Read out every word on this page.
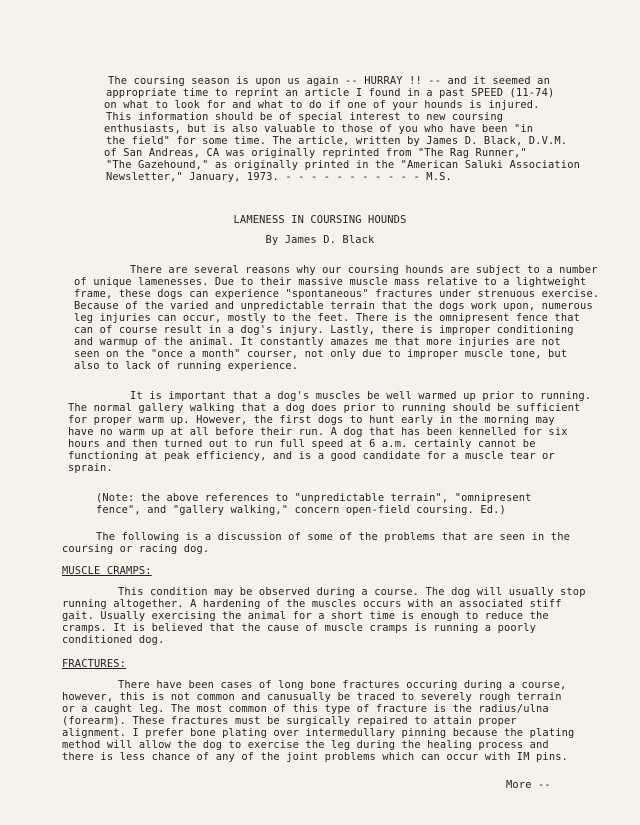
The coursing season is upon us again -- HURRAY !! -- and it seemed an
appropriate time to reprint an article I found in a past SPEED (11-74)
on what to look for and what to do if one of your hounds is injured.
This information should be of special interest to new coursing
enthusiasts, but is also valuable to those of you who have been "in
the field" for some time. The article, written by James D. Black, D.V.M.
of San Andreas, CA was originally reprinted from "The Rag Runner,"
"The Gazehound," as originally printed in the "American Saluki Association
Newsletter," January, 1973. - - - - - - - - - - - M.S.
LAMENESS IN COURSING HOUNDS
By James D. Black
There are several reasons why our coursing hounds are subject to a number
of unique lamenesses. Due to their massive muscle mass relative to a lightweight
frame, these dogs can experience "spontaneous" fractures under strenuous exercise.
Because of the varied and unpredictable terrain that the dogs work upon, numerous
leg injuries can occur, mostly to the feet. There is the omnipresent fence that
can of course result in a dog's injury. Lastly, there is improper conditioning
and warmup of the animal. It constantly amazes me that more injuries are not
seen on the "once a month" courser, not only due to improper muscle tone, but
also to lack of running experience.
It is important that a dog's muscles be well warmed up prior to running.
The normal gallery walking that a dog does prior to running should be sufficient
for proper warm up. However, the first dogs to hunt early in the morning may
have no warm up at all before their run. A dog that has been kennelled for six
hours and then turned out to run full speed at 6 a.m. certainly cannot be
functioning at peak efficiency, and is a good candidate for a muscle tear or
sprain.
(Note: the above references to "unpredictable terrain", "omnipresent
fence", and "gallery walking," concern open-field coursing. Ed.)
The following is a discussion of some of the problems that are seen in the
coursing or racing dog.
MUSCLE CRAMPS:
This condition may be observed during a course. The dog will usually stop
running altogether. A hardening of the muscles occurs with an associated stiff
gait. Usually exercising the animal for a short time is enough to reduce the
cramps. It is believed that the cause of muscle cramps is running a poorly
conditioned dog.
FRACTURES:
There have been cases of long bone fractures occuring during a course,
however, this is not common and canusually be traced to severely rough terrain
or a caught leg. The most common of this type of fracture is the radius/ulna
(forearm). These fractures must be surgically repaired to attain proper
alignment. I prefer bone plating over intermedullary pinning because the plating
method will allow the dog to exercise the leg during the healing process and
there is less chance of any of the joint problems which can occur with IM pins.
More --
